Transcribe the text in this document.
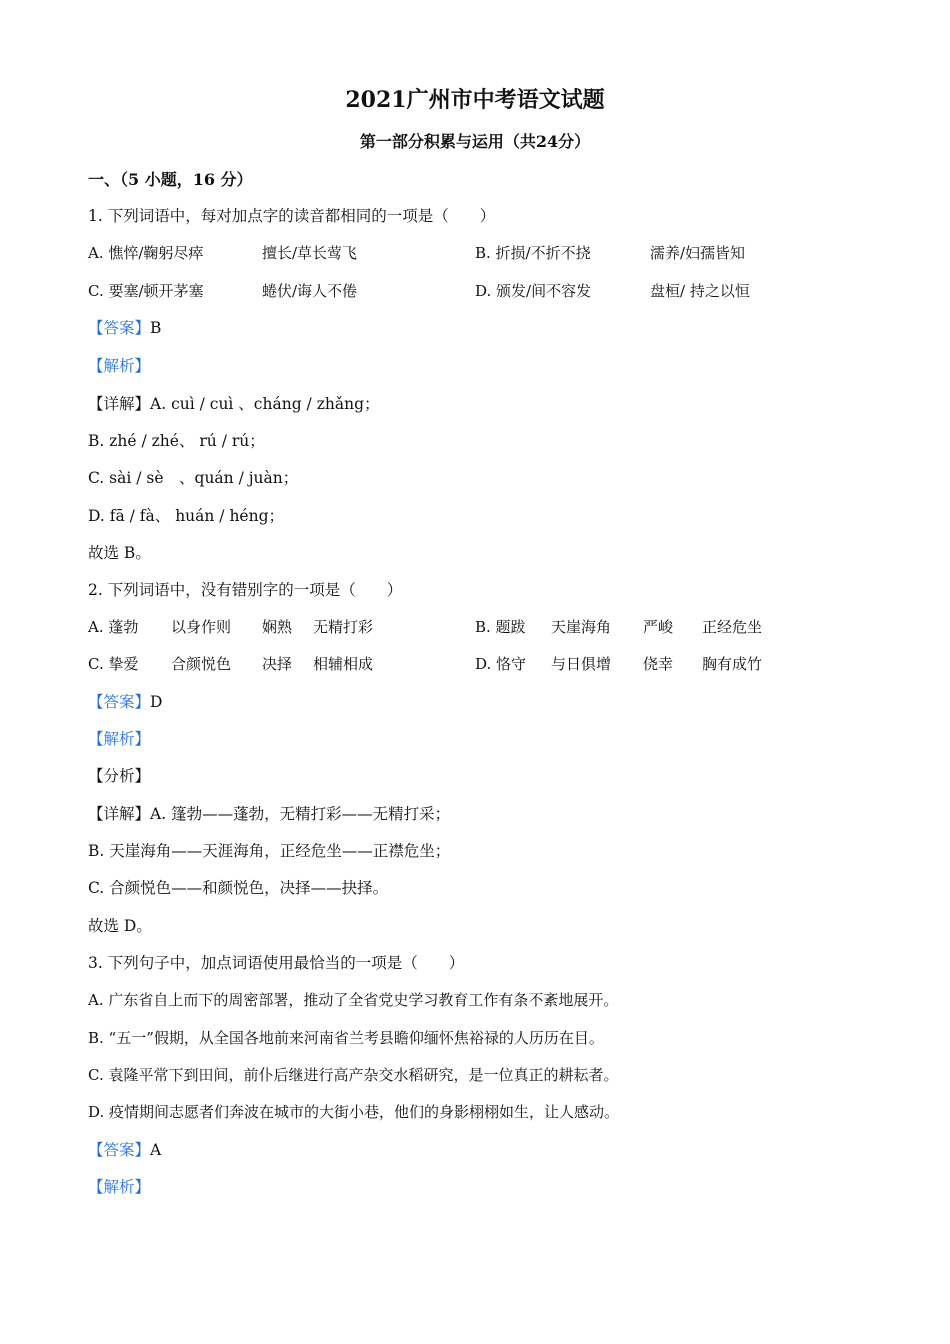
2021广州市中考语文试题
第一部分积累与运用（共24分）
一、（5 小题，16 分）
1. 下列词语中，每对加点字的读音都相同的一项是（　　）
A. 憔悴/鞠躬尽瘁	擅长/草长莺飞	B. 折损/不折不挠	濡养/妇孺皆知
C. 要塞/顿开茅塞	蜷伏/诲人不倦	D. 颁发/间不容发	盘桓/ 持之以恒
【答案】B
【解析】
【详解】A. cuì / cuì 、cháng / zhǎng；
B. zhé / zhé、 rú / rú；
C. sài / sè　、quán / juàn；
D. fā / fà、 huán / héng；
故选 B。
2. 下列词语中，没有错别字的一项是（　　）
A. 蓬勃 以身作则 娴熟 无精打彩	B. 题跋 天崖海角 严峻 正经危坐
C. 挚爱 合颜悦色 决择 相辅相成	D. 恪守 与日俱增 侥幸 胸有成竹
【答案】D
【解析】
【分析】
【详解】A. 篷勃——蓬勃，无精打彩——无精打采；
B. 天崖海角——天涯海角，正经危坐——正襟危坐；
C. 合颜悦色——和颜悦色，决择——抉择。
故选 D。
3. 下列句子中，加点词语使用最恰当的一项是（　　）
A. 广东省自上而下的周密部署，推动了全省党史学习教育工作有条不紊地展开。
B. “五一”假期，从全国各地前来河南省兰考县瞻仰缅怀焦裕禄的人历历在目。
C. 袁隆平常下到田间，前仆后继进行高产杂交水稻研究，是一位真正的耕耘者。
D. 疫情期间志愿者们奔波在城市的大街小巷，他们的身影栩栩如生，让人感动。
【答案】A
【解析】
